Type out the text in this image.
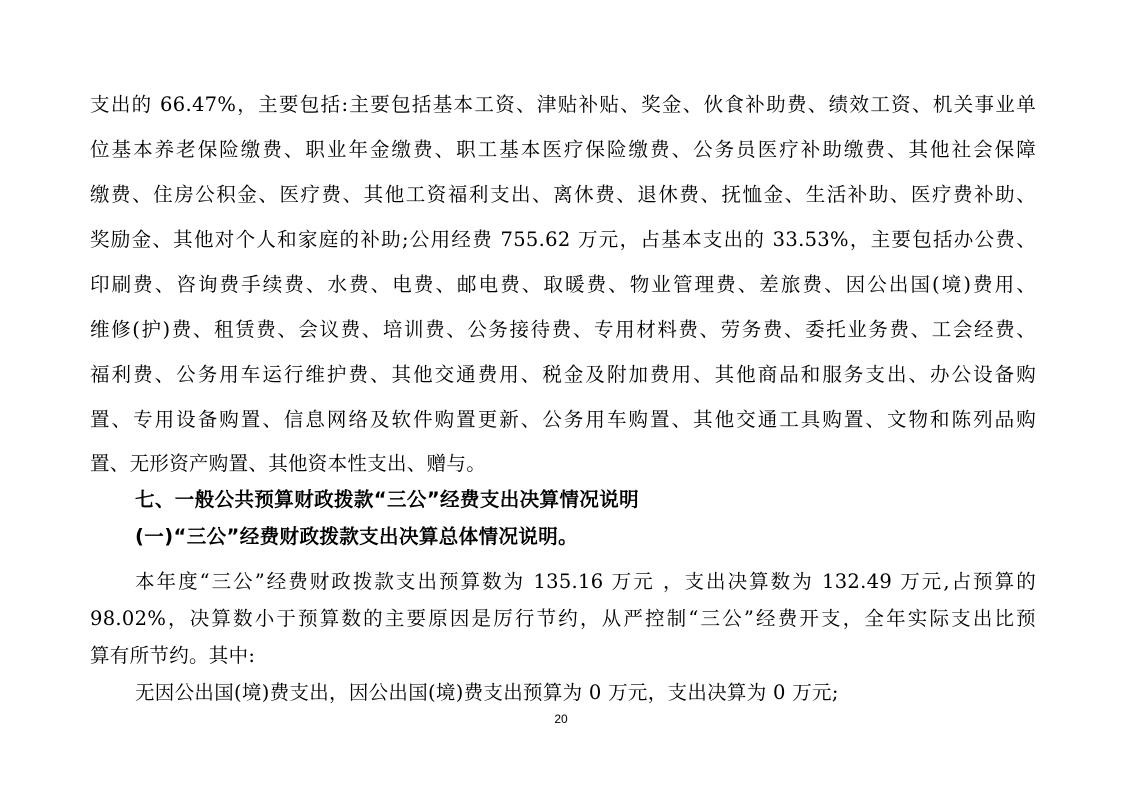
支出的 66.47%，主要包括:主要包括基本工资、津贴补贴、奖金、伙食补助费、绩效工资、机关事业单
位基本养老保险缴费、职业年金缴费、职工基本医疗保险缴费、公务员医疗补助缴费、其他社会保障
缴费、住房公积金、医疗费、其他工资福利支出、离休费、退休费、抚恤金、生活补助、医疗费补助、
奖励金、其他对个人和家庭的补助;公用经费 755.62 万元，占基本支出的 33.53%，主要包括办公费、
印刷费、咨询费手续费、水费、电费、邮电费、取暖费、物业管理费、差旅费、因公出国(境)费用、
维修(护)费、租赁费、会议费、培训费、公务接待费、专用材料费、劳务费、委托业务费、工会经费、
福利费、公务用车运行维护费、其他交通费用、税金及附加费用、其他商品和服务支出、办公设备购
置、专用设备购置、信息网络及软件购置更新、公务用车购置、其他交通工具购置、文物和陈列品购
置、无形资产购置、其他资本性支出、赠与。
七、一般公共预算财政拨款“三公”经费支出决算情况说明
(一)“三公”经费财政拨款支出决算总体情况说明。
本年度“三公”经费财政拨款支出预算数为 135.16 万元 ，支出决算数为 132.49 万元,占预算的
98.02%，决算数小于预算数的主要原因是厉行节约，从严控制“三公”经费开支，全年实际支出比预
算有所节约。其中:
无因公出国(境)费支出，因公出国(境)费支出预算为 0 万元，支出决算为 0 万元;
20
